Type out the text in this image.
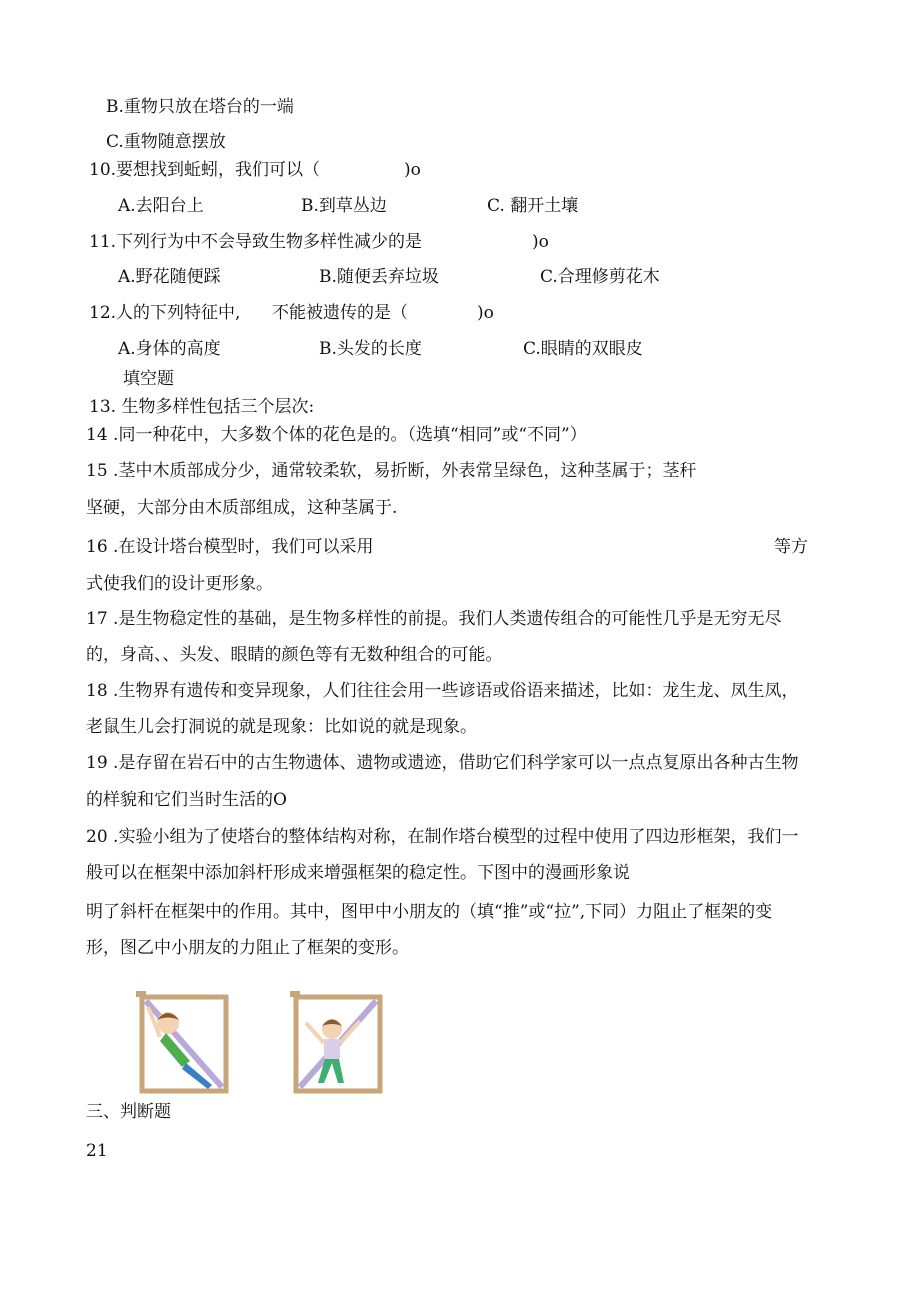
B.重物只放在塔台的一端
C.重物随意摆放
10.要想找到蚯蚓，我们可以（	)o
A.去阳台上	B.到草丛边	C. 翻开土壤
11.下列行为中不会导致生物多样性减少的是	)o
A.野花随便踩	B.随便丢弃垃圾	C.合理修剪花木
12.人的下列特征中, 不能被遗传的是（	)o
A.身体的高度	B.头发的长度	C.眼睛的双眼皮
填空题
13. 生物多样性包括三个层次:
14 .同一种花中，大多数个体的花色是的。（选填“相同”或“不同”）
15 .茎中木质部成分少，通常较柔软，易折断，外表常呈绿色，这种茎属于；茎秆
坚硬，大部分由木质部组成，这种茎属于.
16 .在设计塔台模型时，我们可以采用	等方
式使我们的设计更形象。
17 .是生物稳定性的基础，是生物多样性的前提。我们人类遗传组合的可能性几乎是无穷无尽
的，身高、、头发、眼睛的颜色等有无数种组合的可能。
18 .生物界有遗传和变异现象，人们往往会用一些谚语或俗语来描述，比如：龙生龙、凤生凤，
老鼠生儿会打洞说的就是现象：比如说的就是现象。
19 .是存留在岩石中的古生物遗体、遗物或遗迹，借助它们科学家可以一点点复原出各种古生物
的样貌和它们当时生活的O
20 .实验小组为了使塔台的整体结构对称，在制作塔台模型的过程中使用了四边形框架，我们一
般可以在框架中添加斜杆形成来增强框架的稳定性。下图中的漫画形象说
明了斜杆在框架中的作用。其中，图甲中小朋友的（填“推”或“拉”,下同）力阻止了框架的变
形，图乙中小朋友的力阻止了框架的变形。
三、判断题
21
